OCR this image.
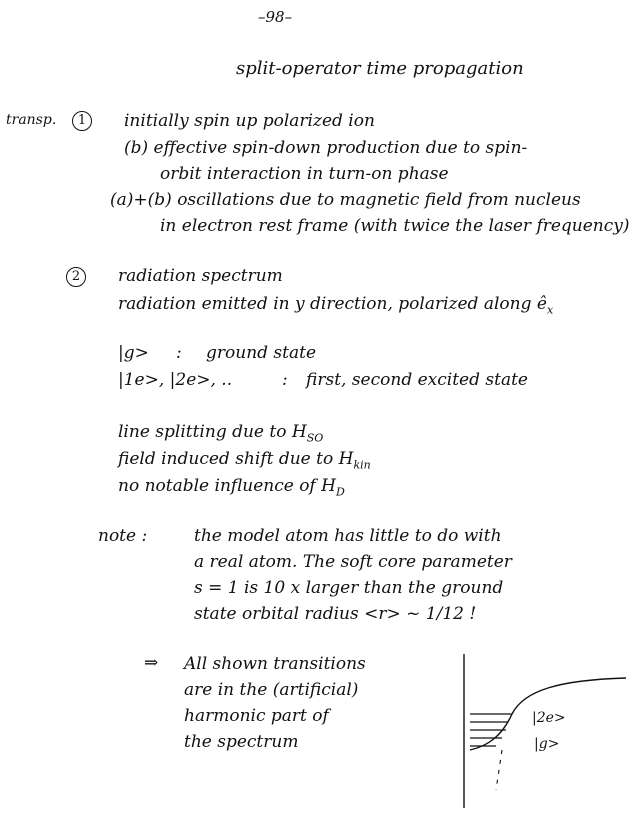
–98–
split-operator time propagation
transp.	1	initially spin up polarized ion
(b) effective spin-down production due to spin-
orbit interaction in turn-on phase
(a)+(b) oscillations due to magnetic field from nucleus
in electron rest frame (with twice the laser frequency)
2	radiation spectrum
radiation emitted in y direction, polarized along $ê_x$
|g> : ground state
|1e>, |2e>, ..	: first, second excited state
line splitting due to $H_{SO}$
field induced shift due to $H_{kin}$
no notable influence of $H_D$
note :	the model atom has little to do with
a real atom. The soft core parameter
s = 1 is 10 x larger than the ground
state orbital radius <r> ~ 1/12 !
⇒ All shown transitions
are in the (artificial)
harmonic part of
the spectrum
|2e>
|g>
